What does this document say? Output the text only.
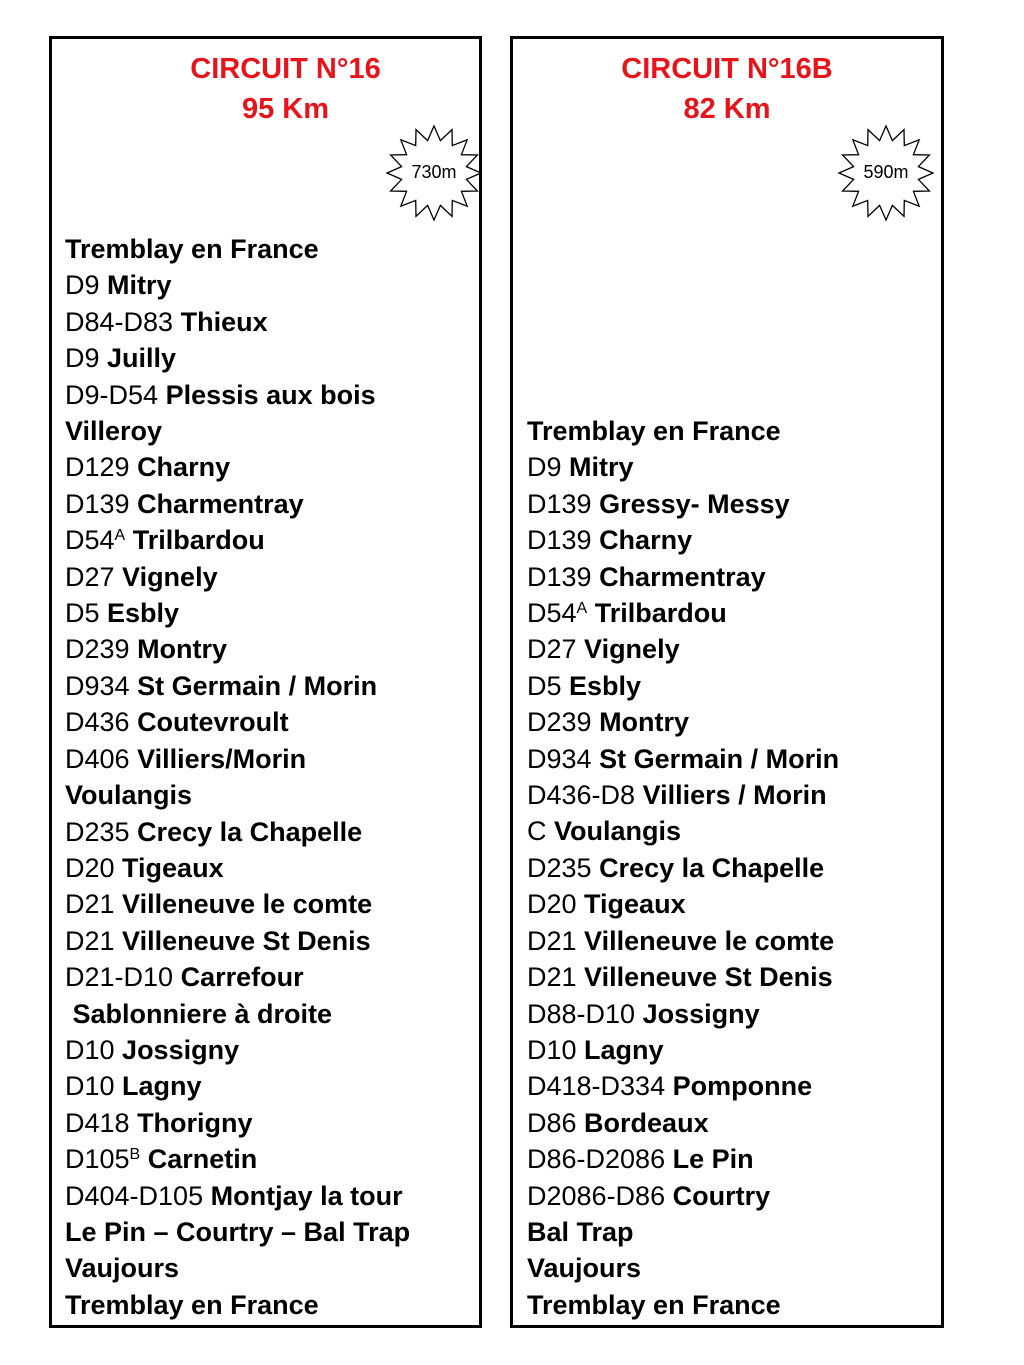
CIRCUIT N°16
95 Km
730m
Tremblay en France
D9 Mitry
D84-D83 Thieux
D9 Juilly
D9-D54 Plessis aux bois
Villeroy
D129 Charny
D139 Charmentray
$D54^A$ Trilbardou
D27 Vignely
D5 Esbly
D239 Montry
D934 St Germain / Morin
D436 Coutevroult
D406 Villiers/Morin
Voulangis
D235 Crecy la Chapelle
D20 Tigeaux
D21 Villeneuve le comte
D21 Villeneuve St Denis
D21-D10 Carrefour
Sablonniere à droite
D10 Jossigny
D10 Lagny
D418 Thorigny
$D105^B$ Carnetin
D404-D105 Montjay la tour
Le Pin – Courtry – Bal Trap
Vaujours
Tremblay en France
CIRCUIT N°16B
82 Km
590m
Tremblay en France
D9 Mitry
D139 Gressy- Messy
D139 Charny
D139 Charmentray
$D54^A$ Trilbardou
D27 Vignely
D5 Esbly
D239 Montry
D934 St Germain / Morin
D436-D8 Villiers / Morin
C Voulangis
D235 Crecy la Chapelle
D20 Tigeaux
D21 Villeneuve le comte
D21 Villeneuve St Denis
D88-D10 Jossigny
D10 Lagny
D418-D334 Pomponne
D86 Bordeaux
D86-D2086 Le Pin
D2086-D86 Courtry
Bal Trap
Vaujours
Tremblay en France
